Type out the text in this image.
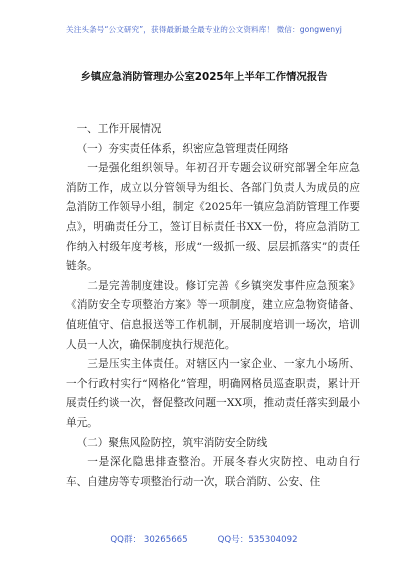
关注头条号“公文研究”，获得最新最全最专业的公文资料库！ 微信：gongwenyj
乡镇应急消防管理办公室2025年上半年工作情况报告

一、工作开展情况

（一）夯实责任体系，织密应急管理责任网络

一是强化组织领导。年初召开专题会议研究部署全年应急消防工作，成立以分管领导为组长、各部门负责人为成员的应急消防工作领导小组，制定《2025年一镇应急消防管理工作要点》，明确责任分工，签订目标责任书XX一份，将应急消防工作纳入村级年度考核，形成“一级抓一级、层层抓落实”的责任链条。

二是完善制度建设。修订完善《乡镇突发事件应急预案》《消防安全专项整治方案》等一项制度，建立应急物资储备、值班值守、信息报送等工作机制，开展制度培训一场次，培训人员一人次，确保制度执行规范化。

三是压实主体责任。对辖区内一家企业、一家九小场所、一个行政村实行“网格化”管理，明确网格员巡查职责，累计开展责任约谈一次，督促整改问题一XX项，推动责任落实到最小单元。

（二）聚焦风险防控，筑牢消防安全防线

一是深化隐患排查整治。开展冬春火灾防控、电动自行车、自建房等专项整治行动一次，联合消防、公安、住

QQ群： 30265665	QQ号：535304092
